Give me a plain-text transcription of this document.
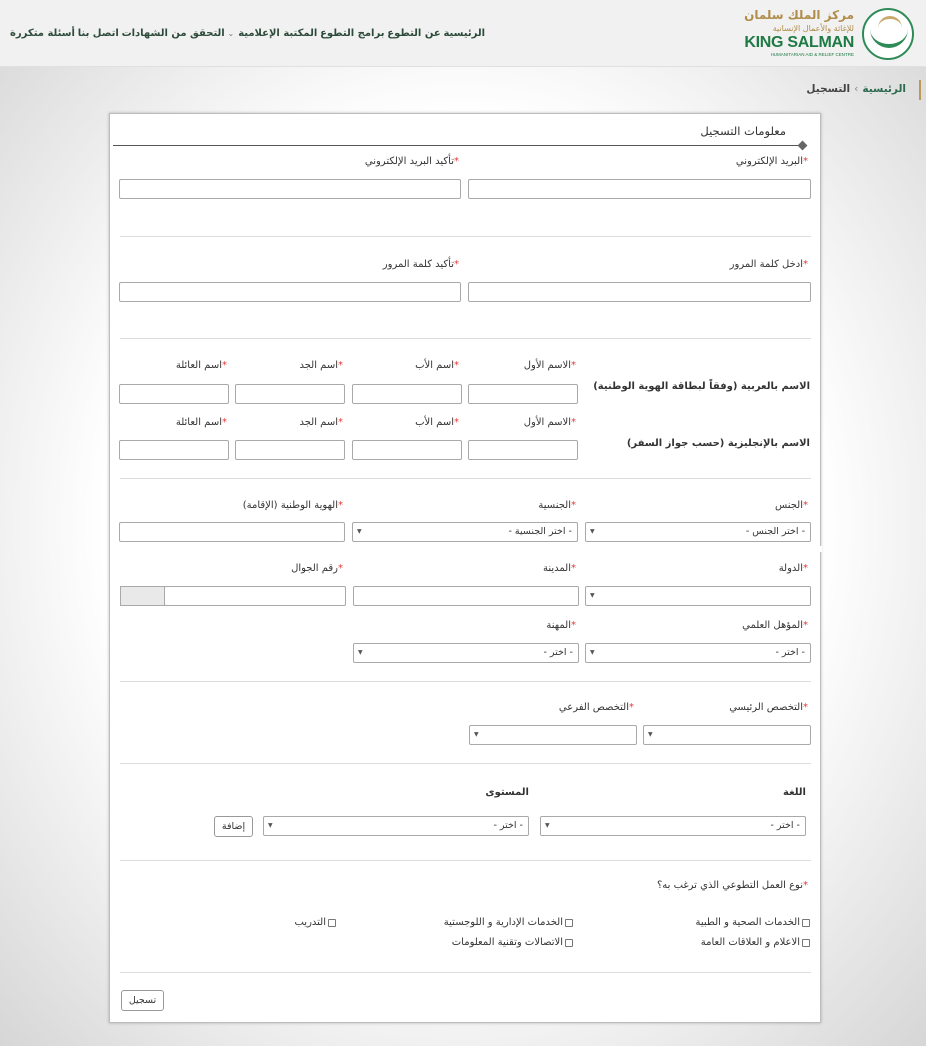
مركز الملك سلمان
للإغاثة والأعمال الإنسانية
KING SALMAN
HUMANITARIAN AID & RELIEF CENTRE
الرئيسية
عن التطوع
برامج التطوع
المكتبة الإعلامية⌄
التحقق من الشهادات
اتصل بنا
أسئلة متكررة
الرئيسية›التسجيل
معلومات التسجيل
*البريد الإلكتروني
*تأكيد البريد الإلكتروني
*ادخل كلمة المرور
*تأكيد كلمة المرور
*الاسم الأول
*اسم الأب
*اسم الجد
*اسم العائلة
الاسم بالعربية (وفقاً لبطاقة الهوية الوطنية)
*الاسم الأول
*اسم الأب
*اسم الجد
*اسم العائلة
الاسم بالإنجليزية (حسب جواز السفر)
*الجنس
*الجنسية
*الهوية الوطنية (الإقامة)
- اختر الجنس -
▼
- اختر الجنسية -
▼
*الدولة
*المدينة
*رقم الجوال
▼
*المؤهل العلمي
*المهنة
- اختر -
▼
- اختر -
▼
*التخصص الرئيسي
*التخصص الفرعي
▼
▼
اللغة
المستوى
- اختر -
▼
- اختر -
▼
إضافة
*نوع العمل التطوعي الذي ترغب به؟
الخدمات الصحية و الطبية
الخدمات الإدارية و اللوجستية
التدريب
الاعلام و العلاقات العامة
الاتصالات وتقنية المعلومات
تسجيل
